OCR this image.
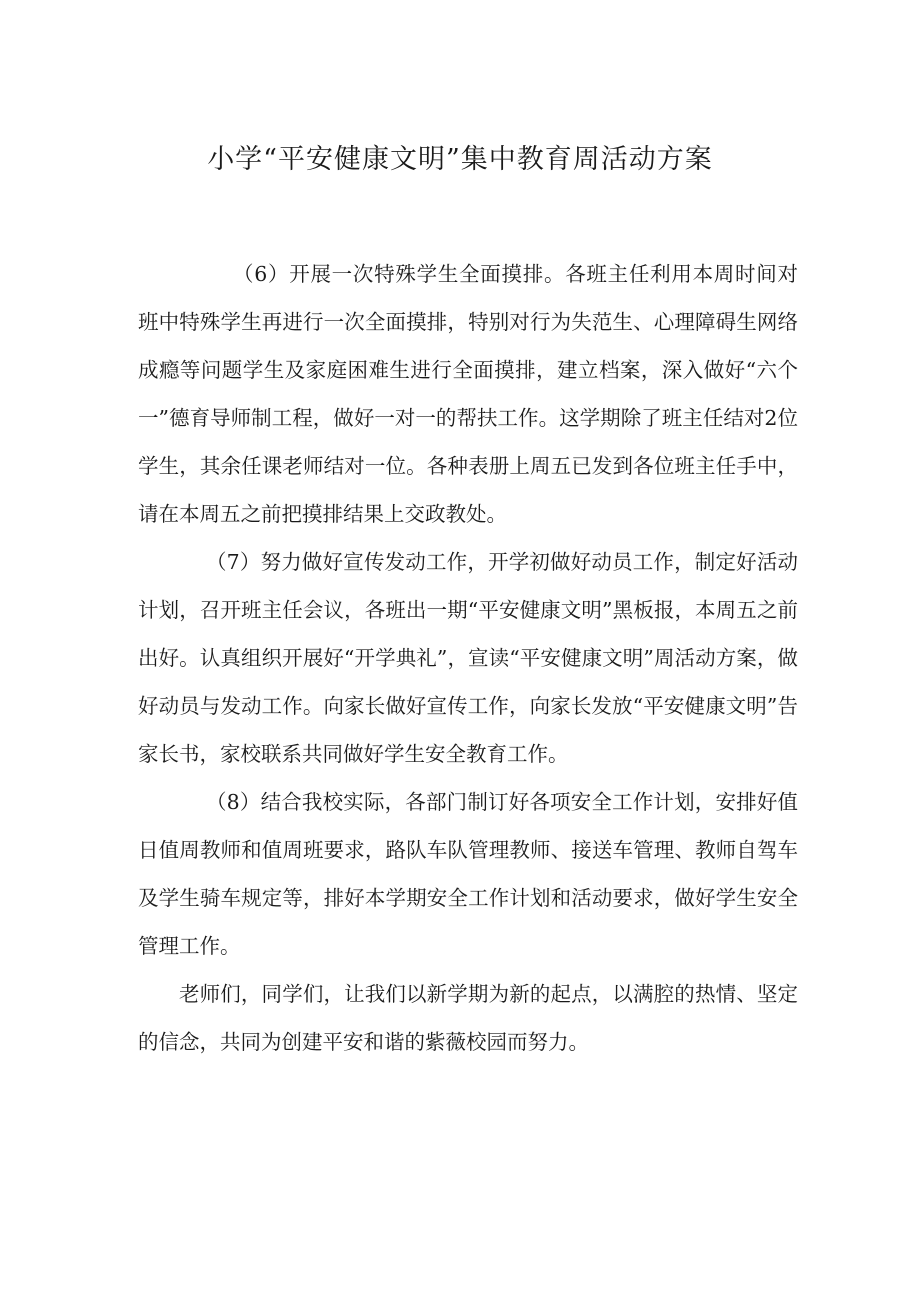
小学“平安健康文明”集中教育周活动方案

（6）开展一次特殊学生全面摸排。各班主任利用本周时间对班中特殊学生再进行一次全面摸排，特别对行为失范生、心理障碍生网络成瘾等问题学生及家庭困难生进行全面摸排，建立档案，深入做好“六个一”德育导师制工程，做好一对一的帮扶工作。这学期除了班主任结对2位学生，其余任课老师结对一位。各种表册上周五已发到各位班主任手中，请在本周五之前把摸排结果上交政教处。

（7）努力做好宣传发动工作，开学初做好动员工作，制定好活动计划，召开班主任会议，各班出一期“平安健康文明”黑板报，本周五之前出好。认真组织开展好“开学典礼”，宣读“平安健康文明”周活动方案，做好动员与发动工作。向家长做好宣传工作，向家长发放“平安健康文明”告家长书，家校联系共同做好学生安全教育工作。

（8）结合我校实际，各部门制订好各项安全工作计划，安排好值日值周教师和值周班要求，路队车队管理教师、接送车管理、教师自驾车及学生骑车规定等，排好本学期安全工作计划和活动要求，做好学生安全管理工作。

老师们，同学们，让我们以新学期为新的起点，以满腔的热情、坚定的信念，共同为创建平安和谐的紫薇校园而努力。
